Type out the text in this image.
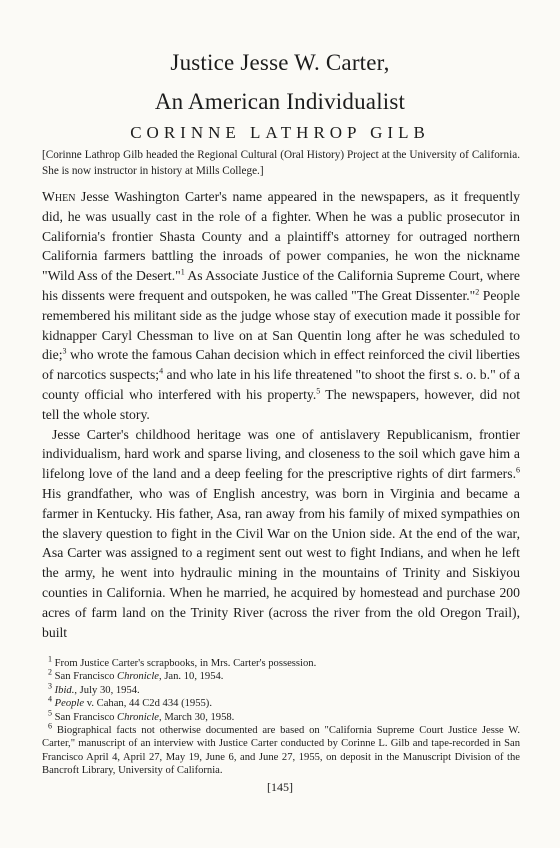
Justice Jesse W. Carter,
An American Individualist
CORINNE LATHROP GILB

[Corinne Lathrop Gilb headed the Regional Cultural (Oral History) Project at the University of California. She is now instructor in history at Mills College.]

When Jesse Washington Carter's name appeared in the newspapers, as it frequently did, he was usually cast in the role of a fighter. When he was a public prosecutor in California's frontier Shasta County and a plaintiff's attorney for outraged northern California farmers battling the inroads of power companies, he won the nickname "Wild Ass of the Desert."$^1$ As Associate Justice of the California Supreme Court, where his dissents were frequent and outspoken, he was called "The Great Dissenter."$^2$ People remembered his militant side as the judge whose stay of execution made it possible for kidnapper Caryl Chessman to live on at San Quentin long after he was scheduled to die;$^3$ who wrote the famous Cahan decision which in effect reinforced the civil liberties of narcotics suspects;$^4$ and who late in his life threatened "to shoot the first s. o. b." of a county official who interfered with his property.$^5$ The newspapers, however, did not tell the whole story.

Jesse Carter's childhood heritage was one of antislavery Republicanism, frontier individualism, hard work and sparse living, and closeness to the soil which gave him a lifelong love of the land and a deep feeling for the prescriptive rights of dirt farmers.$^6$ His grandfather, who was of English ancestry, was born in Virginia and became a farmer in Kentucky. His father, Asa, ran away from his family of mixed sympathies on the slavery question to fight in the Civil War on the Union side. At the end of the war, Asa Carter was assigned to a regiment sent out west to fight Indians, and when he left the army, he went into hydraulic mining in the mountains of Trinity and Siskiyou counties in California. When he married, he acquired by homestead and purchase 200 acres of farm land on the Trinity River (across the river from the old Oregon Trail), built

$^1$ From Justice Carter's scrapbooks, in Mrs. Carter's possession.

$^2$ San Francisco Chronicle, Jan. 10, 1954.

$^3$ Ibid., July 30, 1954.

$^4$ People v. Cahan, 44 C2d 434 (1955).

$^5$ San Francisco Chronicle, March 30, 1958.

$^6$ Biographical facts not otherwise documented are based on "California Supreme Court Justice Jesse W. Carter," manuscript of an interview with Justice Carter conducted by Corinne L. Gilb and tape-recorded in San Francisco April 4, April 27, May 19, June 6, and June 27, 1955, on deposit in the Manuscript Division of the Bancroft Library, University of California.

[145]
